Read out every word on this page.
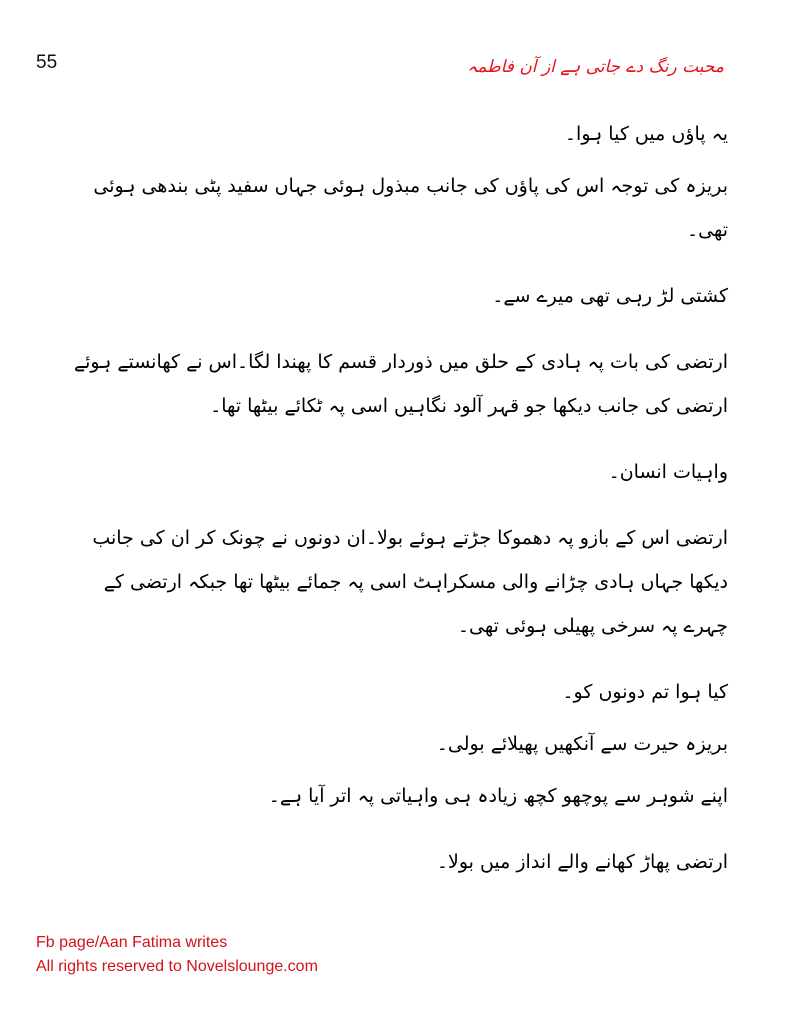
55	محبت رنگ دے جاتی ہے از آن فاطمہ

یہ پاؤں میں کیا ہوا۔

بریزہ کی توجہ اس کی پاؤں کی جانب مبذول ہوئی جہاں سفید پٹی بندھی ہوئی تھی۔

کشتی لڑ رہی تھی میرے سے۔

ارتضی کی بات پہ ہادی کے حلق میں ذوردار قسم کا پھندا لگا۔اس نے کھانستے ہوئے ارتضی کی جانب دیکھا جو قہر آلود نگاہیں اسی پہ ٹکائے بیٹھا تھا۔

واہیات انسان۔

ارتضی اس کے بازو پہ دھموکا جڑتے ہوئے بولا۔ان دونوں نے چونک کر ان کی جانب دیکھا جہاں ہادی چڑانے والی مسکراہٹ اسی پہ جمائے بیٹھا تھا جبکہ ارتضی کے چہرے پہ سرخی پھیلی ہوئی تھی۔

کیا ہوا تم دونوں کو۔

بریزہ حیرت سے آنکھیں پھیلائے بولی۔

اپنے شوہر سے پوچھو کچھ زیادہ ہی واہیاتی پہ اتر آیا ہے۔

ارتضی پھاڑ کھانے والے انداز میں بولا۔

Fb page/Aan Fatima writes
All rights reserved to Novelslounge.com
